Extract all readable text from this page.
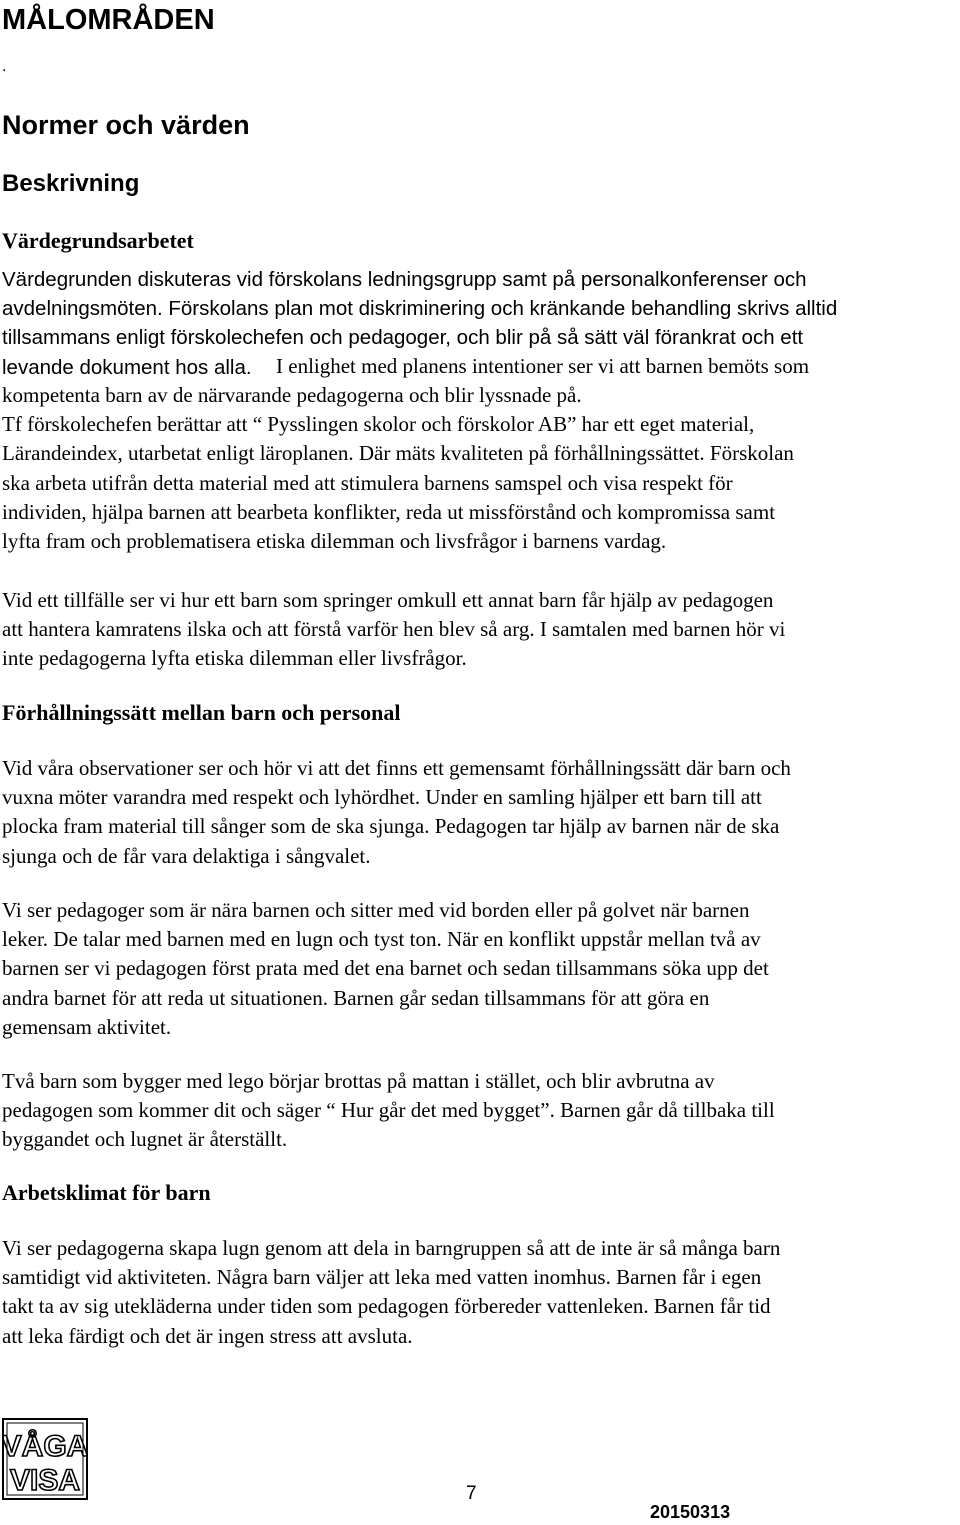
MÅLOMRÅDEN
.
Normer och värden
Beskrivning
Värdegrundsarbetet

Värdegrunden diskuteras vid förskolans ledningsgrupp samt på personalkonferenser och
avdelningsmöten. Förskolans plan mot diskriminering och kränkande behandling skrivs alltid
tillsammans enligt förskolechefen och pedagoger, och blir på så sätt väl förankrat och ett
levande dokument hos alla.	I enlighet med planens intentioner ser vi att barnen bemöts som

kompetenta barn av de närvarande pedagogerna och blir lyssnade på.
Tf förskolechefen berättar att “ Pysslingen skolor och förskolor AB” har ett eget material,
Lärandeindex, utarbetat enligt läroplanen. Där mäts kvaliteten på förhållningssättet. Förskolan
ska arbeta utifrån detta material med att stimulera barnens samspel och visa respekt för
individen, hjälpa barnen att bearbeta konflikter, reda ut missförstånd och kompromissa samt
lyfta fram och problematisera etiska dilemman och livsfrågor i barnens vardag.

Vid ett tillfälle ser vi hur ett barn som springer omkull ett annat barn får hjälp av pedagogen
att hantera kamratens ilska och att förstå varför hen blev så arg. I samtalen med barnen hör vi
inte pedagogerna lyfta etiska dilemman eller livsfrågor.

Förhållningssätt mellan barn och personal

Vid våra observationer ser och hör vi att det finns ett gemensamt förhållningssätt där barn och
vuxna möter varandra med respekt och lyhördhet. Under en samling hjälper ett barn till att
plocka fram material till sånger som de ska sjunga. Pedagogen tar hjälp av barnen när de ska
sjunga och de får vara delaktiga i sångvalet.

Vi ser pedagoger som är nära barnen och sitter med vid borden eller på golvet när barnen
leker. De talar med barnen med en lugn och tyst ton. När en konflikt uppstår mellan två av
barnen ser vi pedagogen först prata med det ena barnet och sedan tillsammans söka upp det
andra barnet för att reda ut situationen. Barnen går sedan tillsammans för att göra en
gemensam aktivitet.

Två barn som bygger med lego börjar brottas på mattan i stället, och blir avbrutna av
pedagogen som kommer dit och säger “ Hur går det med bygget”. Barnen går då tillbaka till
byggandet och lugnet är återställt.

Arbetsklimat för barn

Vi ser pedagogerna skapa lugn genom att dela in barngruppen så att de inte är så många barn
samtidigt vid aktiviteten. Några barn väljer att leka med vatten inomhus. Barnen får i egen
takt ta av sig utekläderna under tiden som pedagogen förbereder vattenleken. Barnen får tid
att leka färdigt och det är ingen stress att avsluta.

VÅGA
VISA	7
20150313
